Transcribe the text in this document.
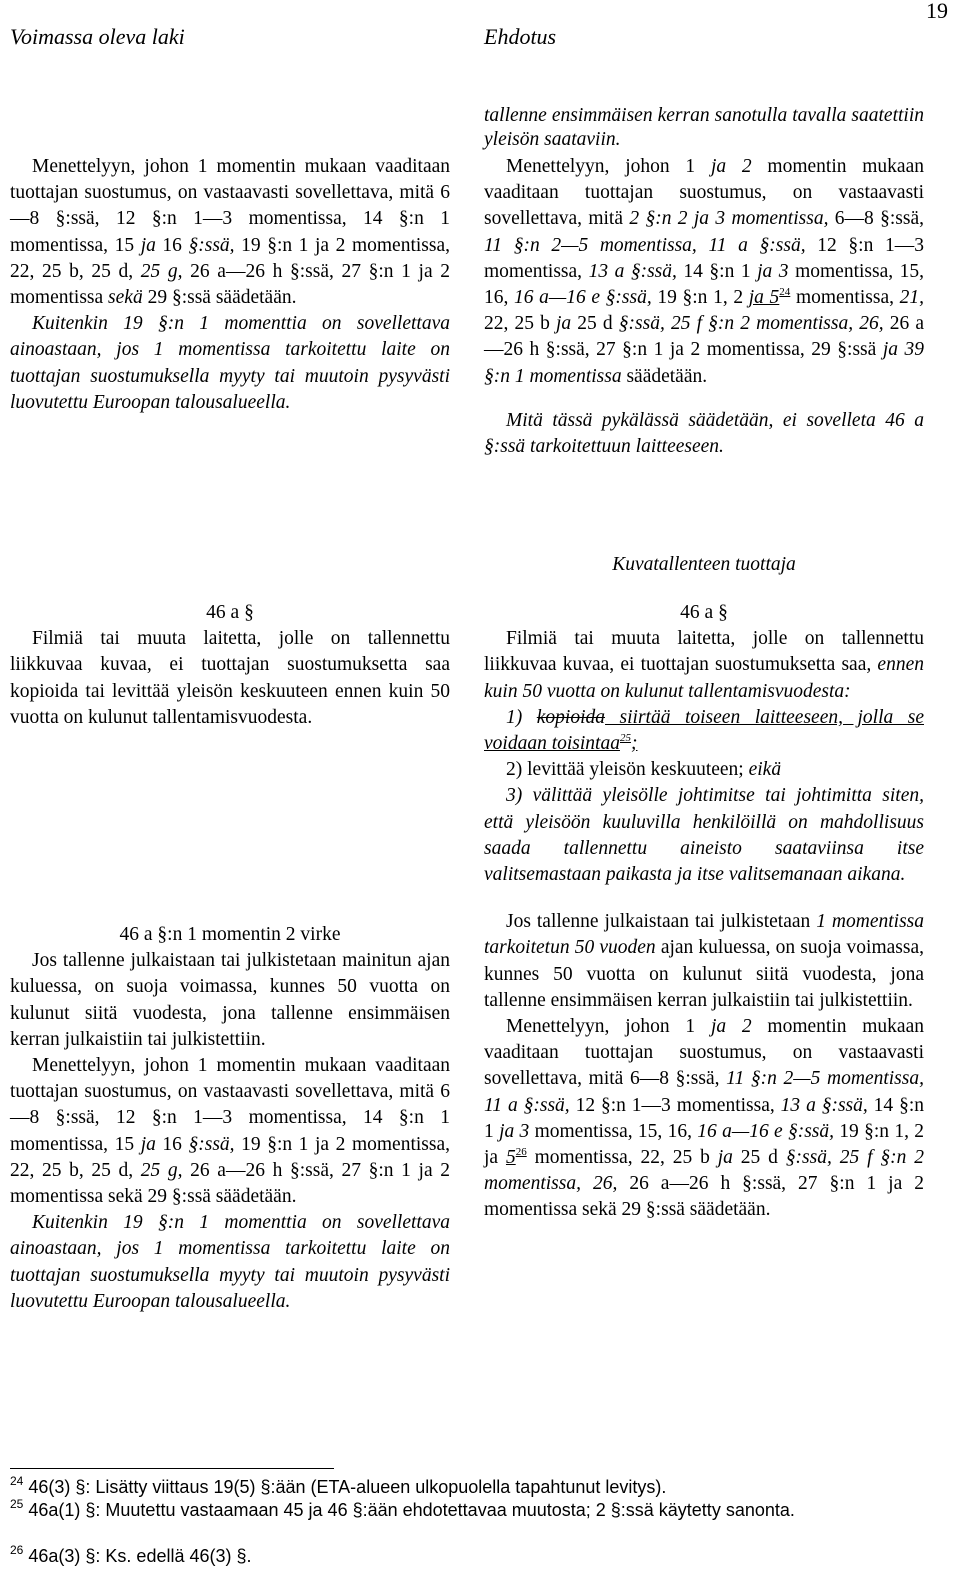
19
Voimassa oleva laki	Ehdotus

Menettelyyn, johon 1 momentin mukaan vaaditaan tuottajan suostumus, on vastaavasti sovellettava, mitä 6—8 §:ssä, 12 §:n 1—3 momentissa, 14 §:n 1 momentissa, 15 ja 16 §:ssä, 19 §:n 1 ja 2 momentissa, 22, 25 b, 25 d, 25 g, 26 a—26 h §:ssä, 27 §:n 1 ja 2 momentissa sekä 29 §:ssä säädetään.

Kuitenkin 19 §:n 1 momenttia on sovellettava ainoastaan, jos 1 momentissa tarkoitettu laite on tuottajan suostumuksella myyty tai muutoin pysyvästi luovutettu Euroopan talousalueella.

46 a §

Filmiä tai muuta laitetta, jolle on tallennettu liikkuvaa kuvaa, ei tuottajan suostumuksetta saa kopioida tai levittää yleisön keskuuteen ennen kuin 50 vuotta on kulunut tallentamisvuodesta.

46 a §:n 1 momentin 2 virke

Jos tallenne julkaistaan tai julkistetaan mainitun ajan kuluessa, on suoja voimassa, kunnes 50 vuotta on kulunut siitä vuodesta, jona tallenne ensimmäisen kerran julkaistiin tai julkistettiin.

Menettelyyn, johon 1 momentin mukaan vaaditaan tuottajan suostumus, on vastaavasti sovellettava, mitä 6—8 §:ssä, 12 §:n 1—3 momentissa, 14 §:n 1 momentissa, 15 ja 16 §:ssä, 19 §:n 1 ja 2 momentissa, 22, 25 b, 25 d, 25 g, 26 a—26 h §:ssä, 27 §:n 1 ja 2 momentissa sekä 29 §:ssä säädetään.

Kuitenkin 19 §:n 1 momenttia on sovellettava ainoastaan, jos 1 momentissa tarkoitettu laite on tuottajan suostumuksella myyty tai muutoin pysyvästi luovutettu Euroopan talousalueella.

tallenne ensimmäisen kerran sanotulla tavalla saatettiin yleisön saataviin.

Menettelyyn, johon 1 ja 2 momentin mukaan vaaditaan tuottajan suostumus, on vastaavasti sovellettava, mitä 2 §:n 2 ja 3 momentissa, 6—8 §:ssä, 11 §:n 2—5 momentissa, 11 a §:ssä, 12 §:n 1—3 momentissa, 13 a §:ssä, 14 §:n 1 ja 3 momentissa, 15, 16, 16 a—16 e §:ssä, 19 §:n 1, 2 ja $5^{24}$ momentissa, 21, 22, 25 b ja 25 d §:ssä, 25 f §:n 2 momentissa, 26, 26 a—26 h §:ssä, 27 §:n 1 ja 2 momentissa, 29 §:ssä ja 39 §:n 1 momentissa säädetään.

Mitä tässä pykälässä säädetään, ei sovelleta 46 a §:ssä tarkoitettuun laitteeseen.

Kuvatallenteen tuottaja

46 a §

Filmiä tai muuta laitetta, jolle on tallennettu liikkuvaa kuvaa, ei tuottajan suostumuksetta saa, ennen kuin 50 vuotta on kulunut tallentamisvuodesta:

1) kopioida siirtää toiseen laitteeseen, jolla se voidaan toisintaa$^{25}$;

2) levittää yleisön keskuuteen; eikä

3) välittää yleisölle johtimitse tai johtimitta siten, että yleisöön kuuluvilla henkilöillä on mahdollisuus saada tallennettu aineisto saataviinsa itse valitsemastaan paikasta ja itse valitsemanaan aikana.

Jos tallenne julkaistaan tai julkistetaan 1 momentissa tarkoitetun 50 vuoden ajan kuluessa, on suoja voimassa, kunnes 50 vuotta on kulunut siitä vuodesta, jona tallenne ensimmäisen kerran julkaistiin tai julkistettiin.

Menettelyyn, johon 1 ja 2 momentin mukaan vaaditaan tuottajan suostumus, on vastaavasti sovellettava, mitä 6—8 §:ssä, 11 §:n 2—5 momentissa, 11 a §:ssä, 12 §:n 1—3 momentissa, 13 a §:ssä, 14 §:n 1 ja 3 momentissa, 15, 16, 16 a—16 e §:ssä, 19 §:n 1, 2 ja $5^{26}$ momentissa, 22, 25 b ja 25 d §:ssä, 25 f §:n 2 momentissa, 26, 26 a—26 h §:ssä, 27 §:n 1 ja 2 momentissa sekä 29 §:ssä säädetään.

$^{24}$ 46(3) §: Lisätty viittaus 19(5) §:ään (ETA-alueen ulkopuolella tapahtunut levitys).
$^{25}$ 46a(1) §: Muutettu vastaamaan 45 ja 46 §:ään ehdotettavaa muutosta; 2 §:ssä käytetty sanonta.
$^{26}$ 46a(3) §: Ks. edellä 46(3) §.
